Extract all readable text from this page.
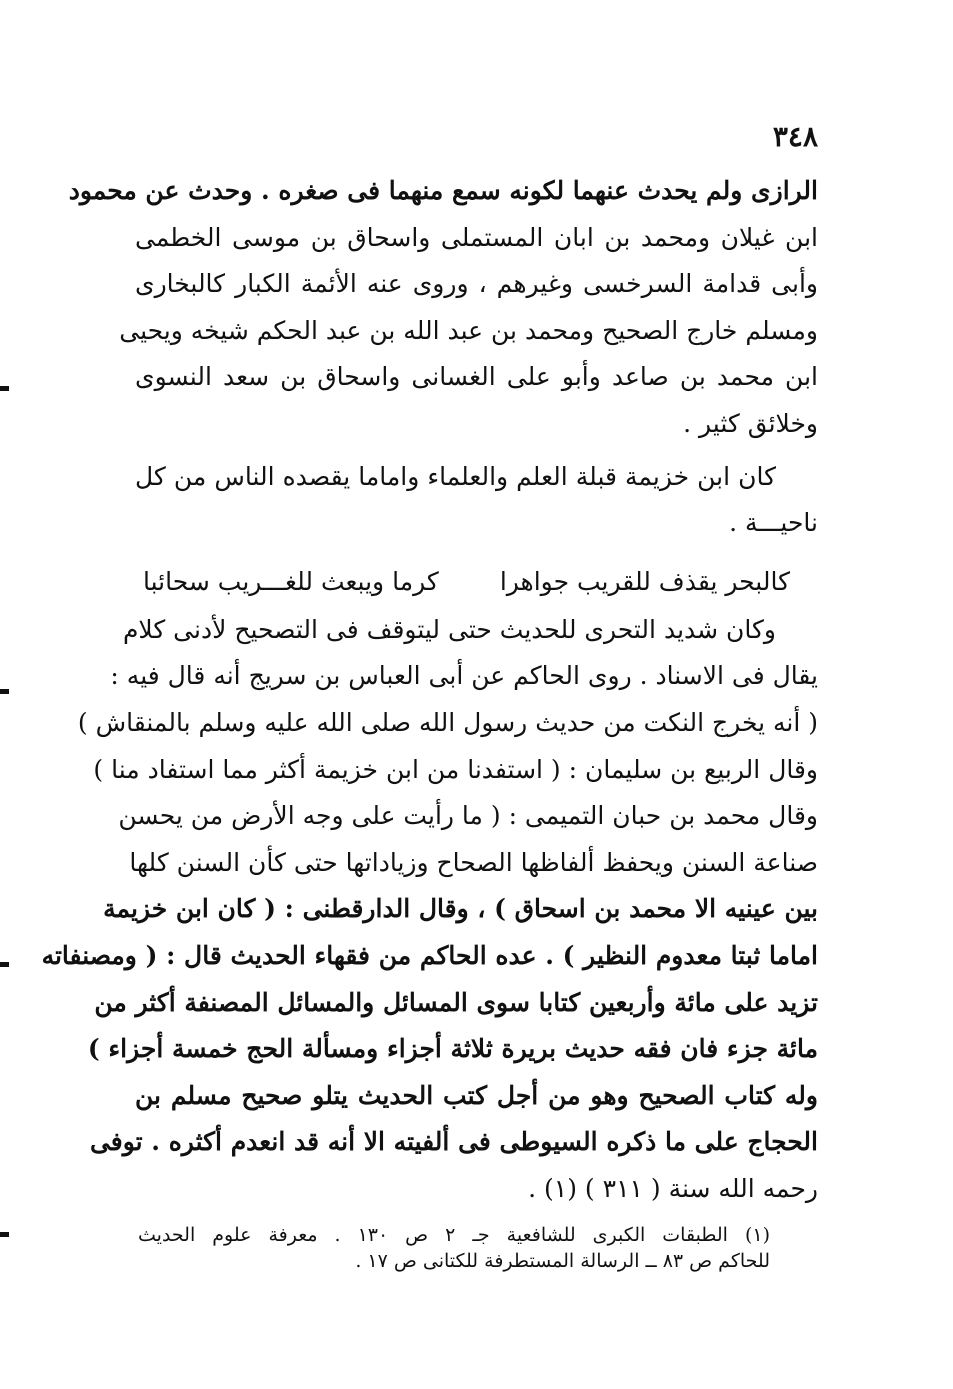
٣٤٨
الرازى ولم يحدث عنهما لكونه سمع منهما فى صغره . وحدث عن محمود
ابن غيلان ومحمد بن ابان المستملى واسحاق بن موسى الخطمى
وأبى قدامة السرخسى وغيرهم ، وروى عنه الأئمة الكبار كالبخارى
ومسلم خارج الصحيح ومحمد بن عبد الله بن عبد الحكم شيخه ويحيى
ابن محمد بن صاعد وأبو على الغسانى واسحاق بن سعد النسوى
وخلائق كثير .
كان ابن خزيمة قبلة العلم والعلماء واماما يقصده الناس من كل
ناحيـــة .
كالبحر يقذف للقريب جواهرا
كرما ويبعث للغـــريب سحائبا
وكان شديد التحرى للحديث حتى ليتوقف فى التصحيح لأدنى كلام
يقال فى الاسناد . روى الحاكم عن أبى العباس بن سريج أنه قال فيه :
( أنه يخرج النكت من حديث رسول الله صلى الله عليه وسلم بالمنقاش )
وقال الربيع بن سليمان : ( استفدنا من ابن خزيمة أكثر مما استفاد منا )
وقال محمد بن حبان التميمى : ( ما رأيت على وجه الأرض من يحسن
صناعة السنن ويحفظ ألفاظها الصحاح وزياداتها حتى كأن السنن كلها
بين عينيه الا محمد بن اسحاق ) ، وقال الدارقطنى : ( كان ابن خزيمة
اماما ثبتا معدوم النظير ) . عده الحاكم من فقهاء الحديث قال : ( ومصنفاته
تزيد على مائة وأربعين كتابا سوى المسائل والمسائل المصنفة أكثر من
مائة جزء فان فقه حديث بريرة ثلاثة أجزاء ومسألة الحج خمسة أجزاء )
وله كتاب الصحيح وهو من أجل كتب الحديث يتلو صحيح مسلم بن
الحجاج على ما ذكره السيوطى فى ألفيته الا أنه قد انعدم أكثره . توفى
رحمه الله سنة ( ٣١١ ) (١) .
(١) الطبقات الكبرى للشافعية جـ ٢ ص ١٣٠ . معرفة علوم الحديث
للحاكم ص ٨٣ ــ الرسالة المستطرفة للكتانى ص ١٧ .
